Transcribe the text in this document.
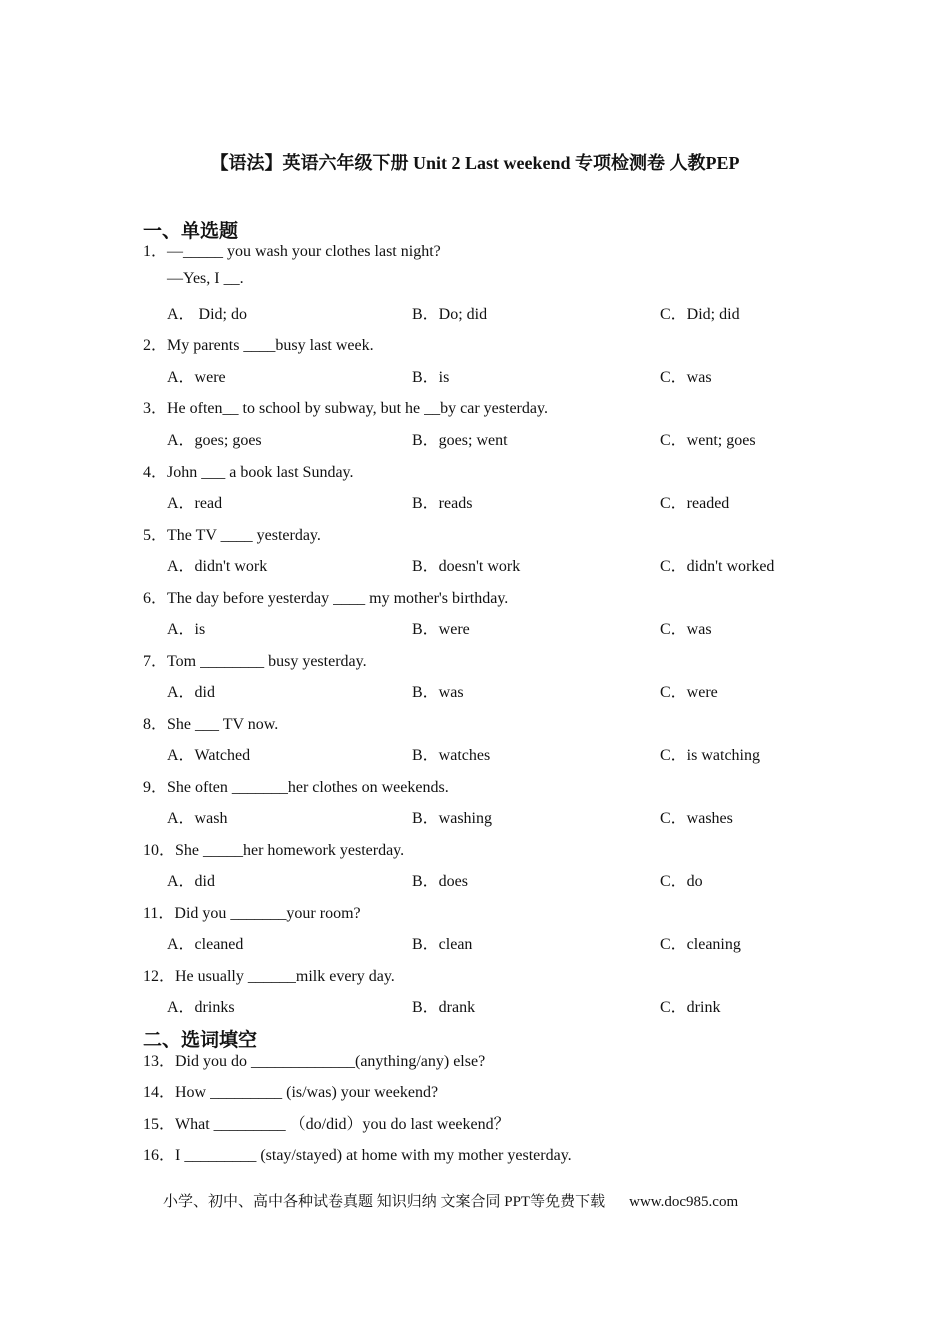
【语法】英语六年级下册 Unit 2 Last weekend 专项检测卷 人教PEP
一、单选题
1．—_____ you wash your clothes last night?
—Yes, I __.
A． Did; do	B．Do; did	C．Did; did
2．My parents ____busy last week.
A．were	B．is	C．was
3．He often__ to school by subway, but he __by car yesterday.
A．goes; goes	B．goes; went	C．went; goes
4．John ___ a book last Sunday.
A．read	B．reads	C．readed
5．The TV ____ yesterday.
A．didn't work	B．doesn't work	C．didn't worked
6．The day before yesterday ____ my mother's birthday.
A．is	B．were	C．was
7．Tom ________ busy yesterday.
A．did	B．was	C．were
8．She ___ TV now.
A．Watched	B．watches	C．is watching
9．She often _______her clothes on weekends.
A．wash	B．washing	C．washes
10．She _____her homework yesterday.
A．did	B．does	C．do
11．Did you _______your room?
A．cleaned	B．clean	C．cleaning
12．He usually ______milk every day.
A．drinks	B．drank	C．drink
二、选词填空
13．Did you do _____________(anything/any) else?
14．How _________ (is/was) your weekend?
15．What _________ （do/did）you do last weekend？
16．I _________ (stay/stayed) at home with my mother yesterday.
小学、初中、高中各种试卷真题 知识归纳 文案合同 PPT等免费下载 www.doc985.com
